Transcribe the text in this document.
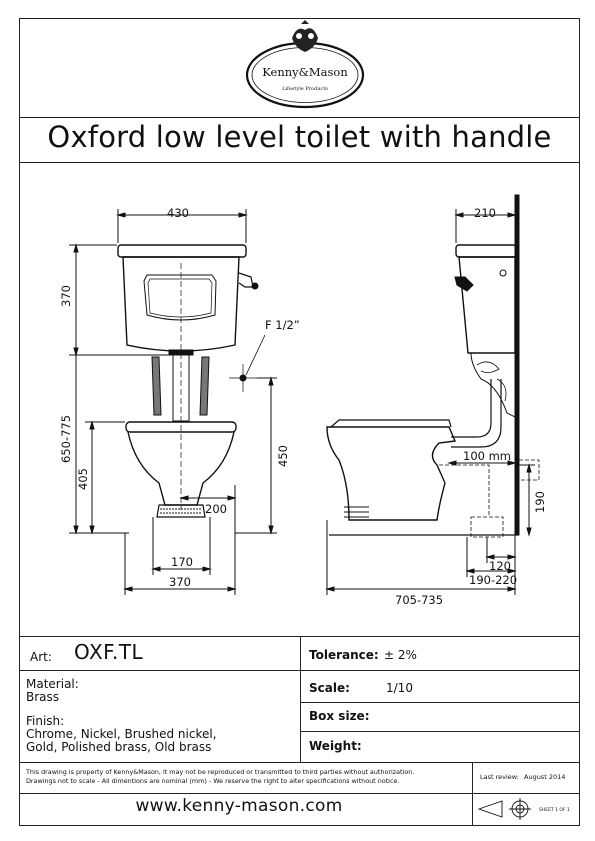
Kenny&Mason
Lifestyle Products
Oxford low level toilet with handle
430
370
650-775
405
200
170
370
F 1/2”
450
210
100 mm
190
120
190-220
705-735
Art: OXF.TL	Tolerance: ± 2%
Material:
Brass
Scale:	1/10
Finish:
Chrome, Nickel, Brushed nickel,
Gold, Polished brass, Old brass
Box size:
Weight:
This drawing is property of Kenny&Mason, it may not be reproduced or transmitted to third parties without authorization.
Drawings not to scale - All dimentions are nominal (mm) - We reserve the right to alter specifications without notice.	Last review: August 2014
www.kenny-mason.com	SHEET 1 OF 1
